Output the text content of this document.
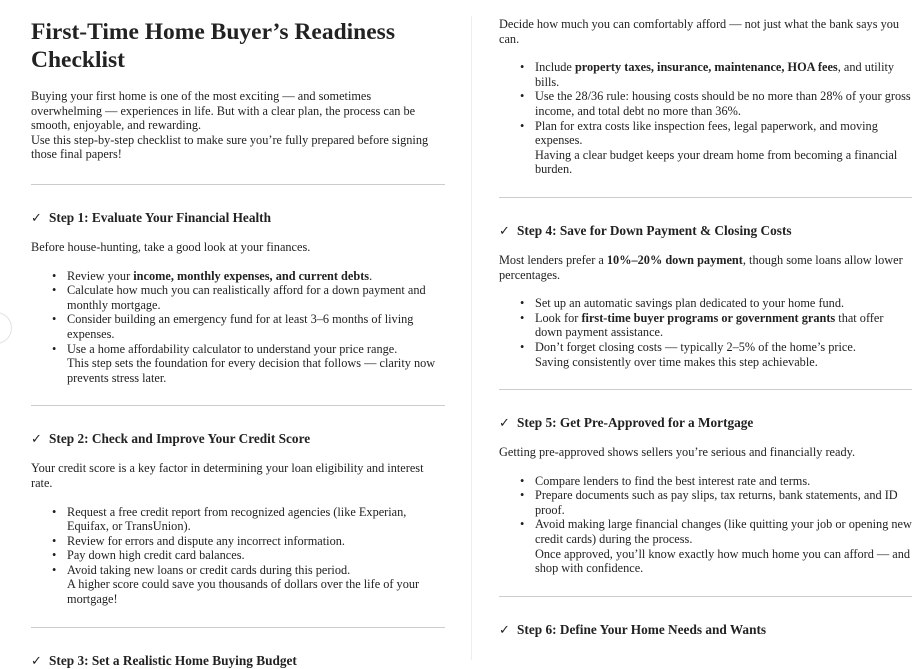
First-Time Home Buyer’s Readiness Checklist

Buying your first home is one of the most exciting — and sometimes overwhelming — experiences in life. But with a clear plan, the process can be smooth, enjoyable, and rewarding.
Use this step-by-step checklist to make sure you’re fully prepared before signing those final papers!

✓ Step 1: Evaluate Your Financial Health

Before house-hunting, take a good look at your finances.

• Review your income, monthly expenses, and current debts.
• Calculate how much you can realistically afford for a down payment and monthly mortgage.
• Consider building an emergency fund for at least 3–6 months of living expenses.
• Use a home affordability calculator to understand your price range.
This step sets the foundation for every decision that follows — clarity now prevents stress later.
✓ Step 2: Check and Improve Your Credit Score

Your credit score is a key factor in determining your loan eligibility and interest rate.

• Request a free credit report from recognized agencies (like Experian, Equifax, or TransUnion).
• Review for errors and dispute any incorrect information.
• Pay down high credit card balances.
• Avoid taking new loans or credit cards during this period.
A higher score could save you thousands of dollars over the life of your mortgage!
✓ Step 3: Set a Realistic Home Buying Budget

Decide how much you can comfortably afford — not just what the bank says you can.

• Include property taxes, insurance, maintenance, HOA fees, and utility bills.
• Use the 28/36 rule: housing costs should be no more than 28% of your gross income, and total debt no more than 36%.
• Plan for extra costs like inspection fees, legal paperwork, and moving expenses.
Having a clear budget keeps your dream home from becoming a financial burden.
✓ Step 4: Save for Down Payment & Closing Costs

Most lenders prefer a 10%–20% down payment, though some loans allow lower percentages.

• Set up an automatic savings plan dedicated to your home fund.
• Look for first-time buyer programs or government grants that offer down payment assistance.
• Don’t forget closing costs — typically 2–5% of the home’s price.
Saving consistently over time makes this step achievable.
✓ Step 5: Get Pre-Approved for a Mortgage

Getting pre-approved shows sellers you’re serious and financially ready.

• Compare lenders to find the best interest rate and terms.
• Prepare documents such as pay slips, tax returns, bank statements, and ID proof.
• Avoid making large financial changes (like quitting your job or opening new credit cards) during the process.
Once approved, you’ll know exactly how much home you can afford — and shop with confidence.
✓ Step 6: Define Your Home Needs and Wants
